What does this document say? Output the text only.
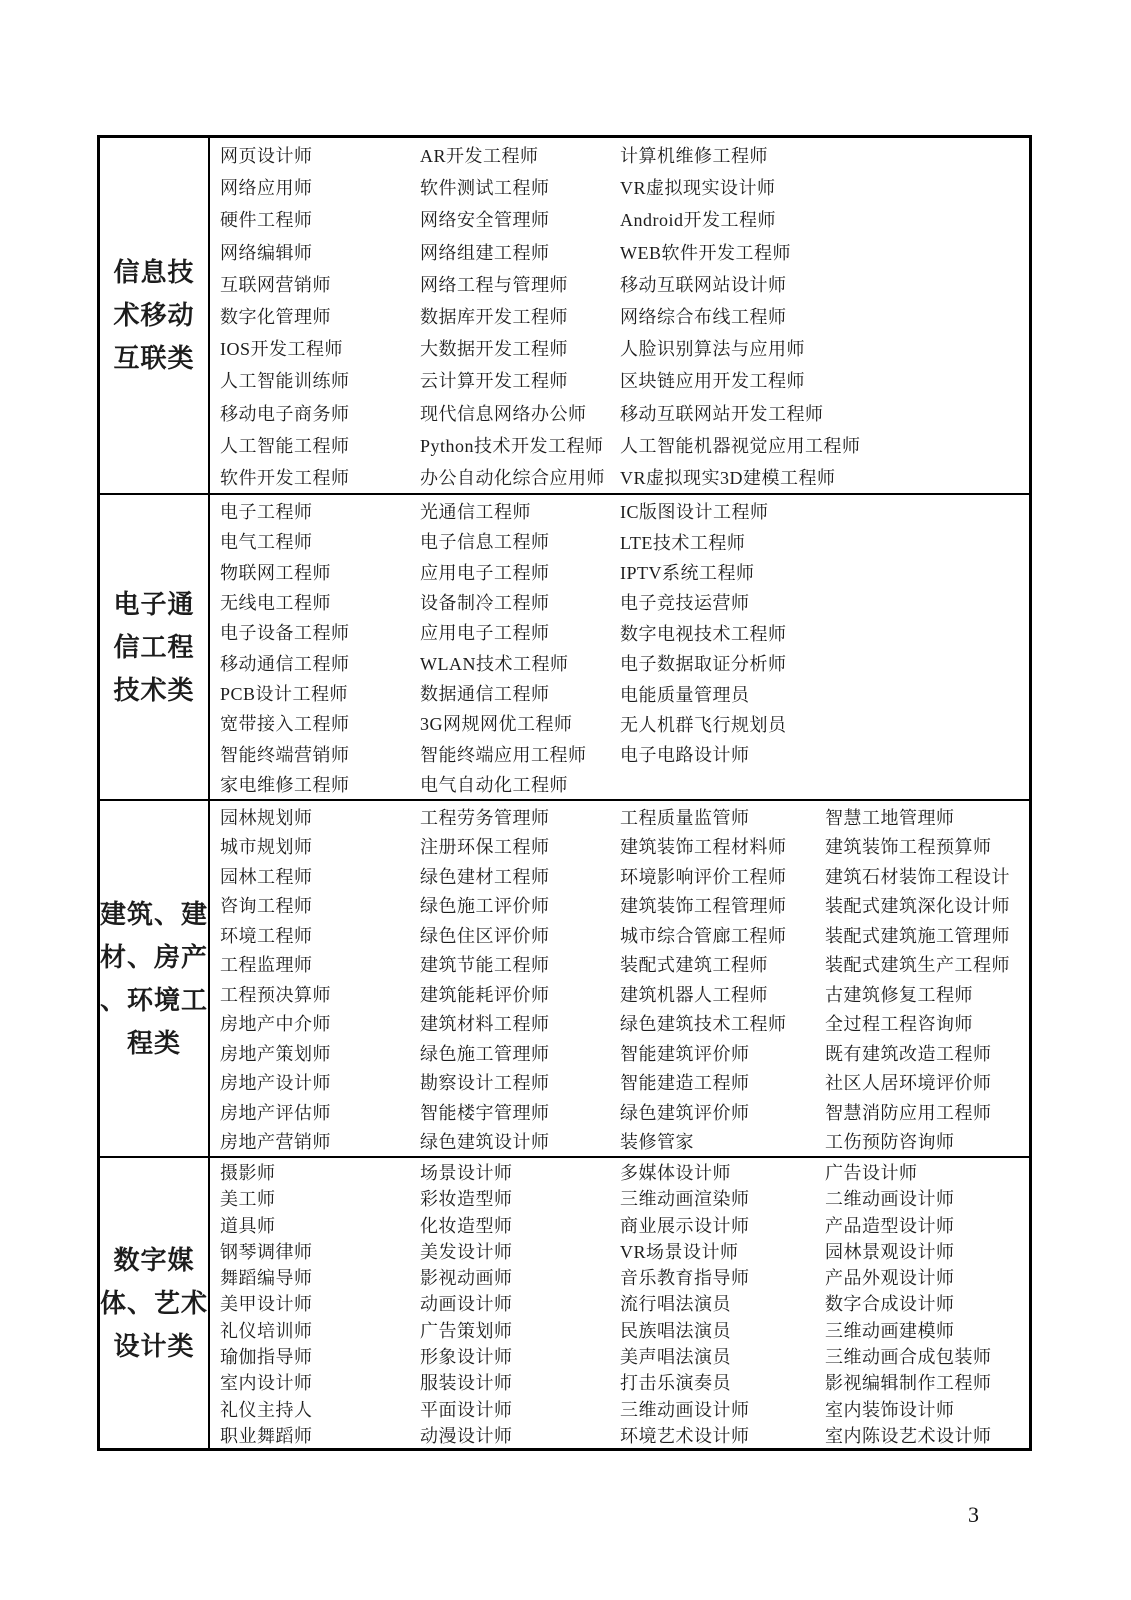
信息技
术移动
互联类
网页设计师
网络应用师
硬件工程师
网络编辑师
互联网营销师
数字化管理师
IOS开发工程师
人工智能训练师
移动电子商务师
人工智能工程师
软件开发工程师
AR开发工程师
软件测试工程师
网络安全管理师
网络组建工程师
网络工程与管理师
数据库开发工程师
大数据开发工程师
云计算开发工程师
现代信息网络办公师
Python技术开发工程师
办公自动化综合应用师
计算机维修工程师
VR虚拟现实设计师
Android开发工程师
WEB软件开发工程师
移动互联网站设计师
网络综合布线工程师
人脸识别算法与应用师
区块链应用开发工程师
移动互联网站开发工程师
人工智能机器视觉应用工程师
VR虚拟现实3D建模工程师
电子通
信工程
技术类
电子工程师
电气工程师
物联网工程师
无线电工程师
电子设备工程师
移动通信工程师
PCB设计工程师
宽带接入工程师
智能终端营销师
家电维修工程师
光通信工程师
电子信息工程师
应用电子工程师
设备制冷工程师
应用电子工程师
WLAN技术工程师
数据通信工程师
3G网规网优工程师
智能终端应用工程师
电气自动化工程师
IC版图设计工程师
LTE技术工程师
IPTV系统工程师
电子竞技运营师
数字电视技术工程师
电子数据取证分析师
电能质量管理员
无人机群飞行规划员
电子电路设计师
建筑、建
材、房产
、环境工
程类
园林规划师
城市规划师
园林工程师
咨询工程师
环境工程师
工程监理师
工程预决算师
房地产中介师
房地产策划师
房地产设计师
房地产评估师
房地产营销师
工程劳务管理师
注册环保工程师
绿色建材工程师
绿色施工评价师
绿色住区评价师
建筑节能工程师
建筑能耗评价师
建筑材料工程师
绿色施工管理师
勘察设计工程师
智能楼宇管理师
绿色建筑设计师
工程质量监管师
建筑装饰工程材料师
环境影响评价工程师
建筑装饰工程管理师
城市综合管廊工程师
装配式建筑工程师
建筑机器人工程师
绿色建筑技术工程师
智能建筑评价师
智能建造工程师
绿色建筑评价师
装修管家
智慧工地管理师
建筑装饰工程预算师
建筑石材装饰工程设计
装配式建筑深化设计师
装配式建筑施工管理师
装配式建筑生产工程师
古建筑修复工程师
全过程工程咨询师
既有建筑改造工程师
社区人居环境评价师
智慧消防应用工程师
工伤预防咨询师
数字媒
体、艺术
设计类
摄影师
美工师
道具师
钢琴调律师
舞蹈编导师
美甲设计师
礼仪培训师
瑜伽指导师
室内设计师
礼仪主持人
职业舞蹈师
场景设计师
彩妆造型师
化妆造型师
美发设计师
影视动画师
动画设计师
广告策划师
形象设计师
服装设计师
平面设计师
动漫设计师
多媒体设计师
三维动画渲染师
商业展示设计师
VR场景设计师
音乐教育指导师
流行唱法演员
民族唱法演员
美声唱法演员
打击乐演奏员
三维动画设计师
环境艺术设计师
广告设计师
二维动画设计师
产品造型设计师
园林景观设计师
产品外观设计师
数字合成设计师
三维动画建模师
三维动画合成包装师
影视编辑制作工程师
室内装饰设计师
室内陈设艺术设计师
3
